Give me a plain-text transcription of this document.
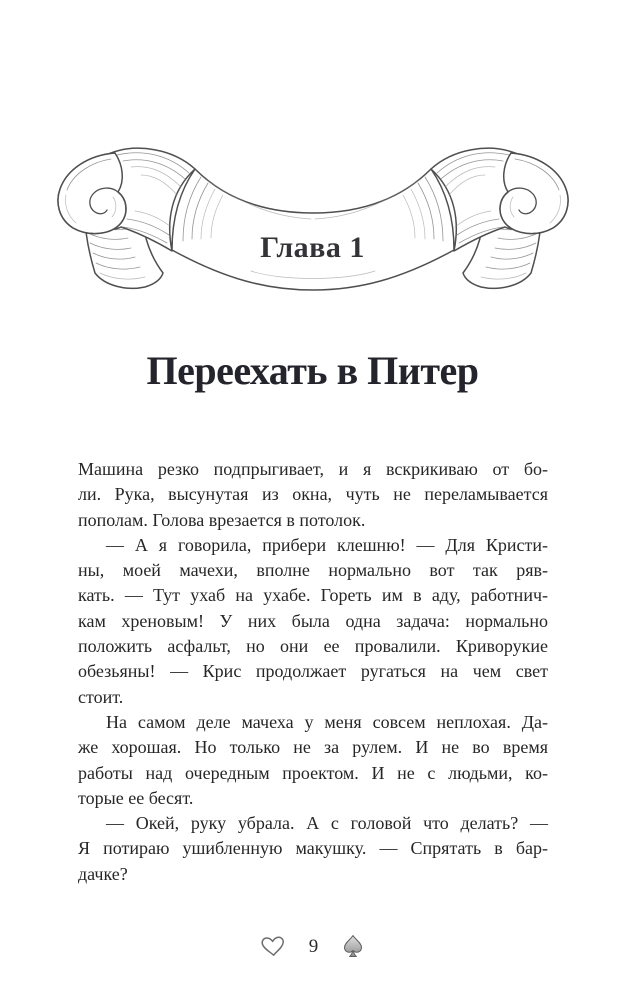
Глава 1
Переехать в Питер
Машина резко подпрыгивает, и я вскрикиваю от бо-
ли. Рука, высунутая из окна, чуть не переламывается
пополам. Голова врезается в потолок.
— А я говорила, прибери клешню! — Для Кристи-
ны, моей мачехи, вполне нормально вот так ряв-
кать. — Тут ухаб на ухабе. Гореть им в аду, работнич-
кам хреновым! У них была одна задача: нормально
положить асфальт, но они ее провалили. Криворукие
обезьяны! — Крис продолжает ругаться на чем свет
стоит.
На самом деле мачеха у меня совсем неплохая. Да-
же хорошая. Но только не за рулем. И не во время
работы над очередным проектом. И не с людьми, ко-
торые ее бесят.
— Окей, руку убрала. А с головой что делать? —
Я потираю ушибленную макушку. — Спрятать в бар-
дачке?
9
